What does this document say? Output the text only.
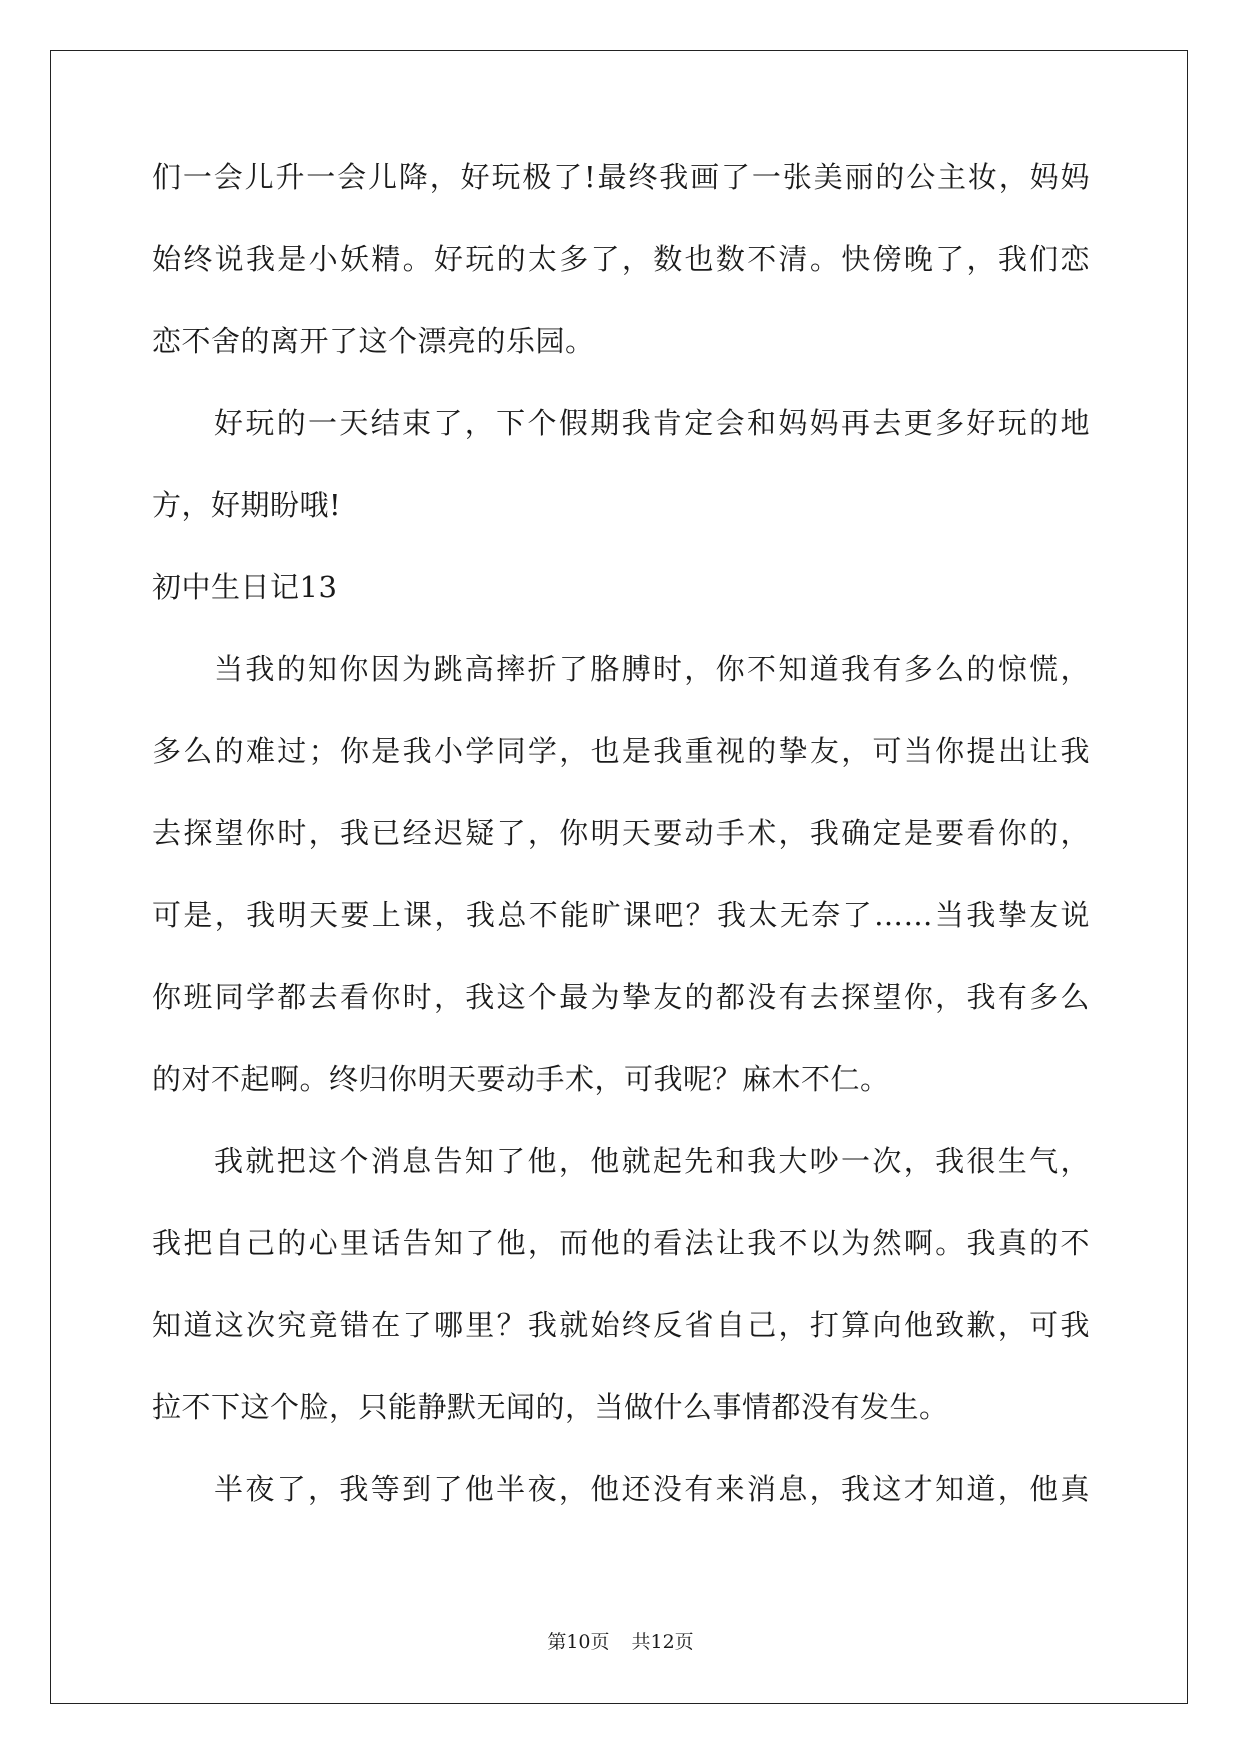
们一会儿升一会儿降，好玩极了!最终我画了一张美丽的公主妆，妈妈
始终说我是小妖精。好玩的太多了，数也数不清。快傍晚了，我们恋
恋不舍的离开了这个漂亮的乐园。
好玩的一天结束了，下个假期我肯定会和妈妈再去更多好玩的地
方，好期盼哦!
初中生日记13
当我的知你因为跳高摔折了胳膊时，你不知道我有多么的惊慌，
多么的难过；你是我小学同学，也是我重视的挚友，可当你提出让我
去探望你时，我已经迟疑了，你明天要动手术，我确定是要看你的，
可是，我明天要上课，我总不能旷课吧？我太无奈了……当我挚友说
你班同学都去看你时，我这个最为挚友的都没有去探望你，我有多么
的对不起啊。终归你明天要动手术，可我呢？麻木不仁。
我就把这个消息告知了他，他就起先和我大吵一次，我很生气，
我把自己的心里话告知了他，而他的看法让我不以为然啊。我真的不
知道这次究竟错在了哪里？我就始终反省自己，打算向他致歉，可我
拉不下这个脸，只能静默无闻的，当做什么事情都没有发生。
半夜了，我等到了他半夜，他还没有来消息，我这才知道，他真
第10页 共12页
